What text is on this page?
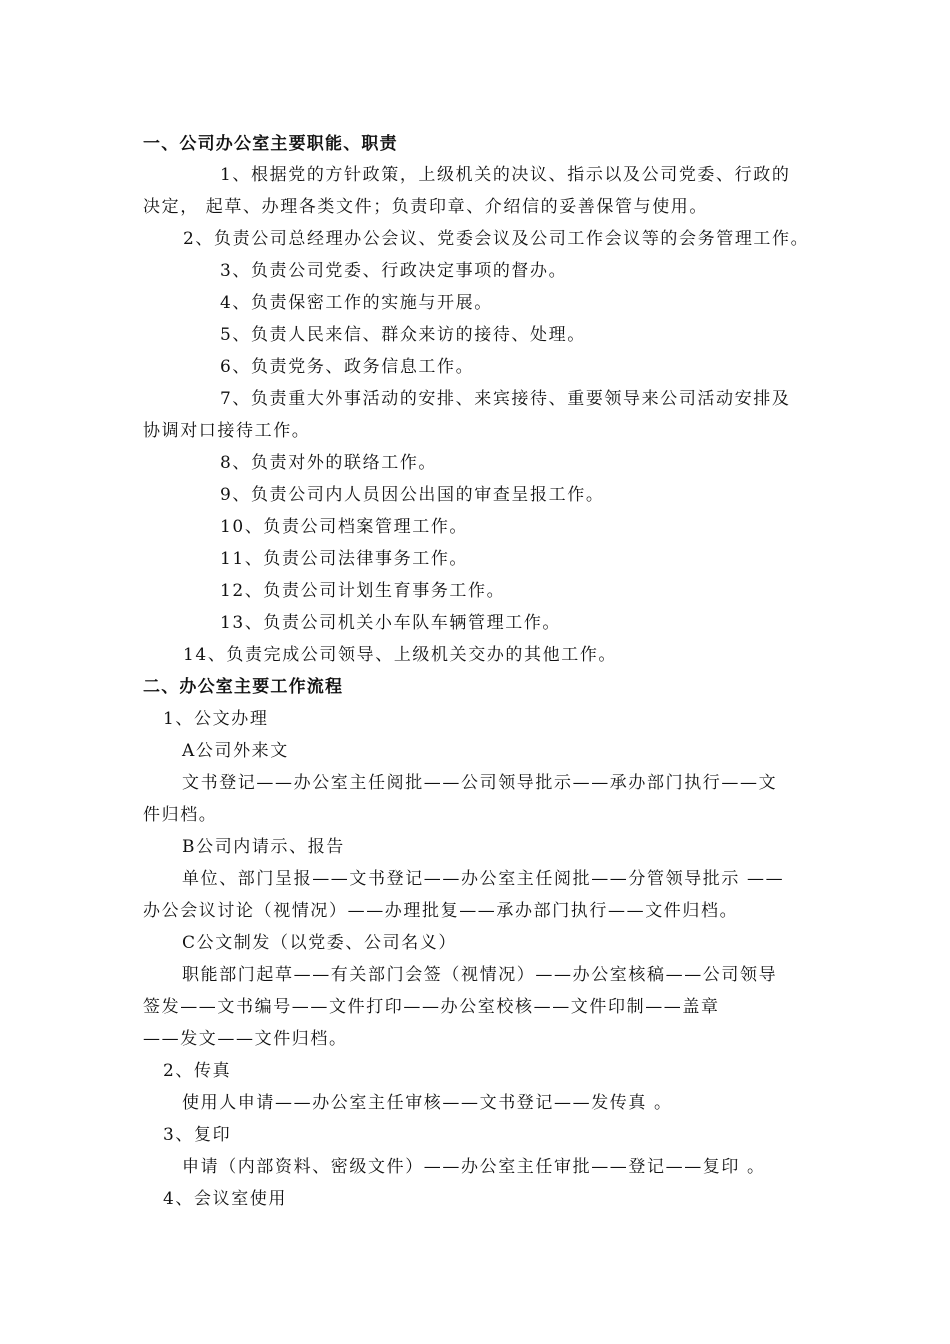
一、公司办公室主要职能、职责
1、根据党的方针政策，上级机关的决议、指示以及公司党委、行政的
决定， 起草、办理各类文件；负责印章、介绍信的妥善保管与使用。
2、负责公司总经理办公会议、党委会议及公司工作会议等的会务管理工作。
3、负责公司党委、行政决定事项的督办。
4、负责保密工作的实施与开展。
5、负责人民来信、群众来访的接待、处理。
6、负责党务、政务信息工作。
7、负责重大外事活动的安排、来宾接待、重要领导来公司活动安排及
协调对口接待工作。
8、负责对外的联络工作。
9、负责公司内人员因公出国的审查呈报工作。
10、负责公司档案管理工作。
11、负责公司法律事务工作。
12、负责公司计划生育事务工作。
13、负责公司机关小车队车辆管理工作。
14、负责完成公司领导、上级机关交办的其他工作。
二、办公室主要工作流程
1、公文办理
A公司外来文
文书登记——办公室主任阅批——公司领导批示——承办部门执行——文
件归档。
B公司内请示、报告
单位、部门呈报——文书登记——办公室主任阅批——分管领导批示 ——
办公会议讨论（视情况）——办理批复——承办部门执行——文件归档。
C公文制发（以党委、公司名义）
职能部门起草——有关部门会签（视情况）——办公室核稿——公司领导
签发——文书编号——文件打印——办公室校核——文件印制——盖章
——发文——文件归档。
2、传真
使用人申请——办公室主任审核——文书登记——发传真 。
3、复印
申请（内部资料、密级文件）——办公室主任审批——登记——复印 。
4、会议室使用
